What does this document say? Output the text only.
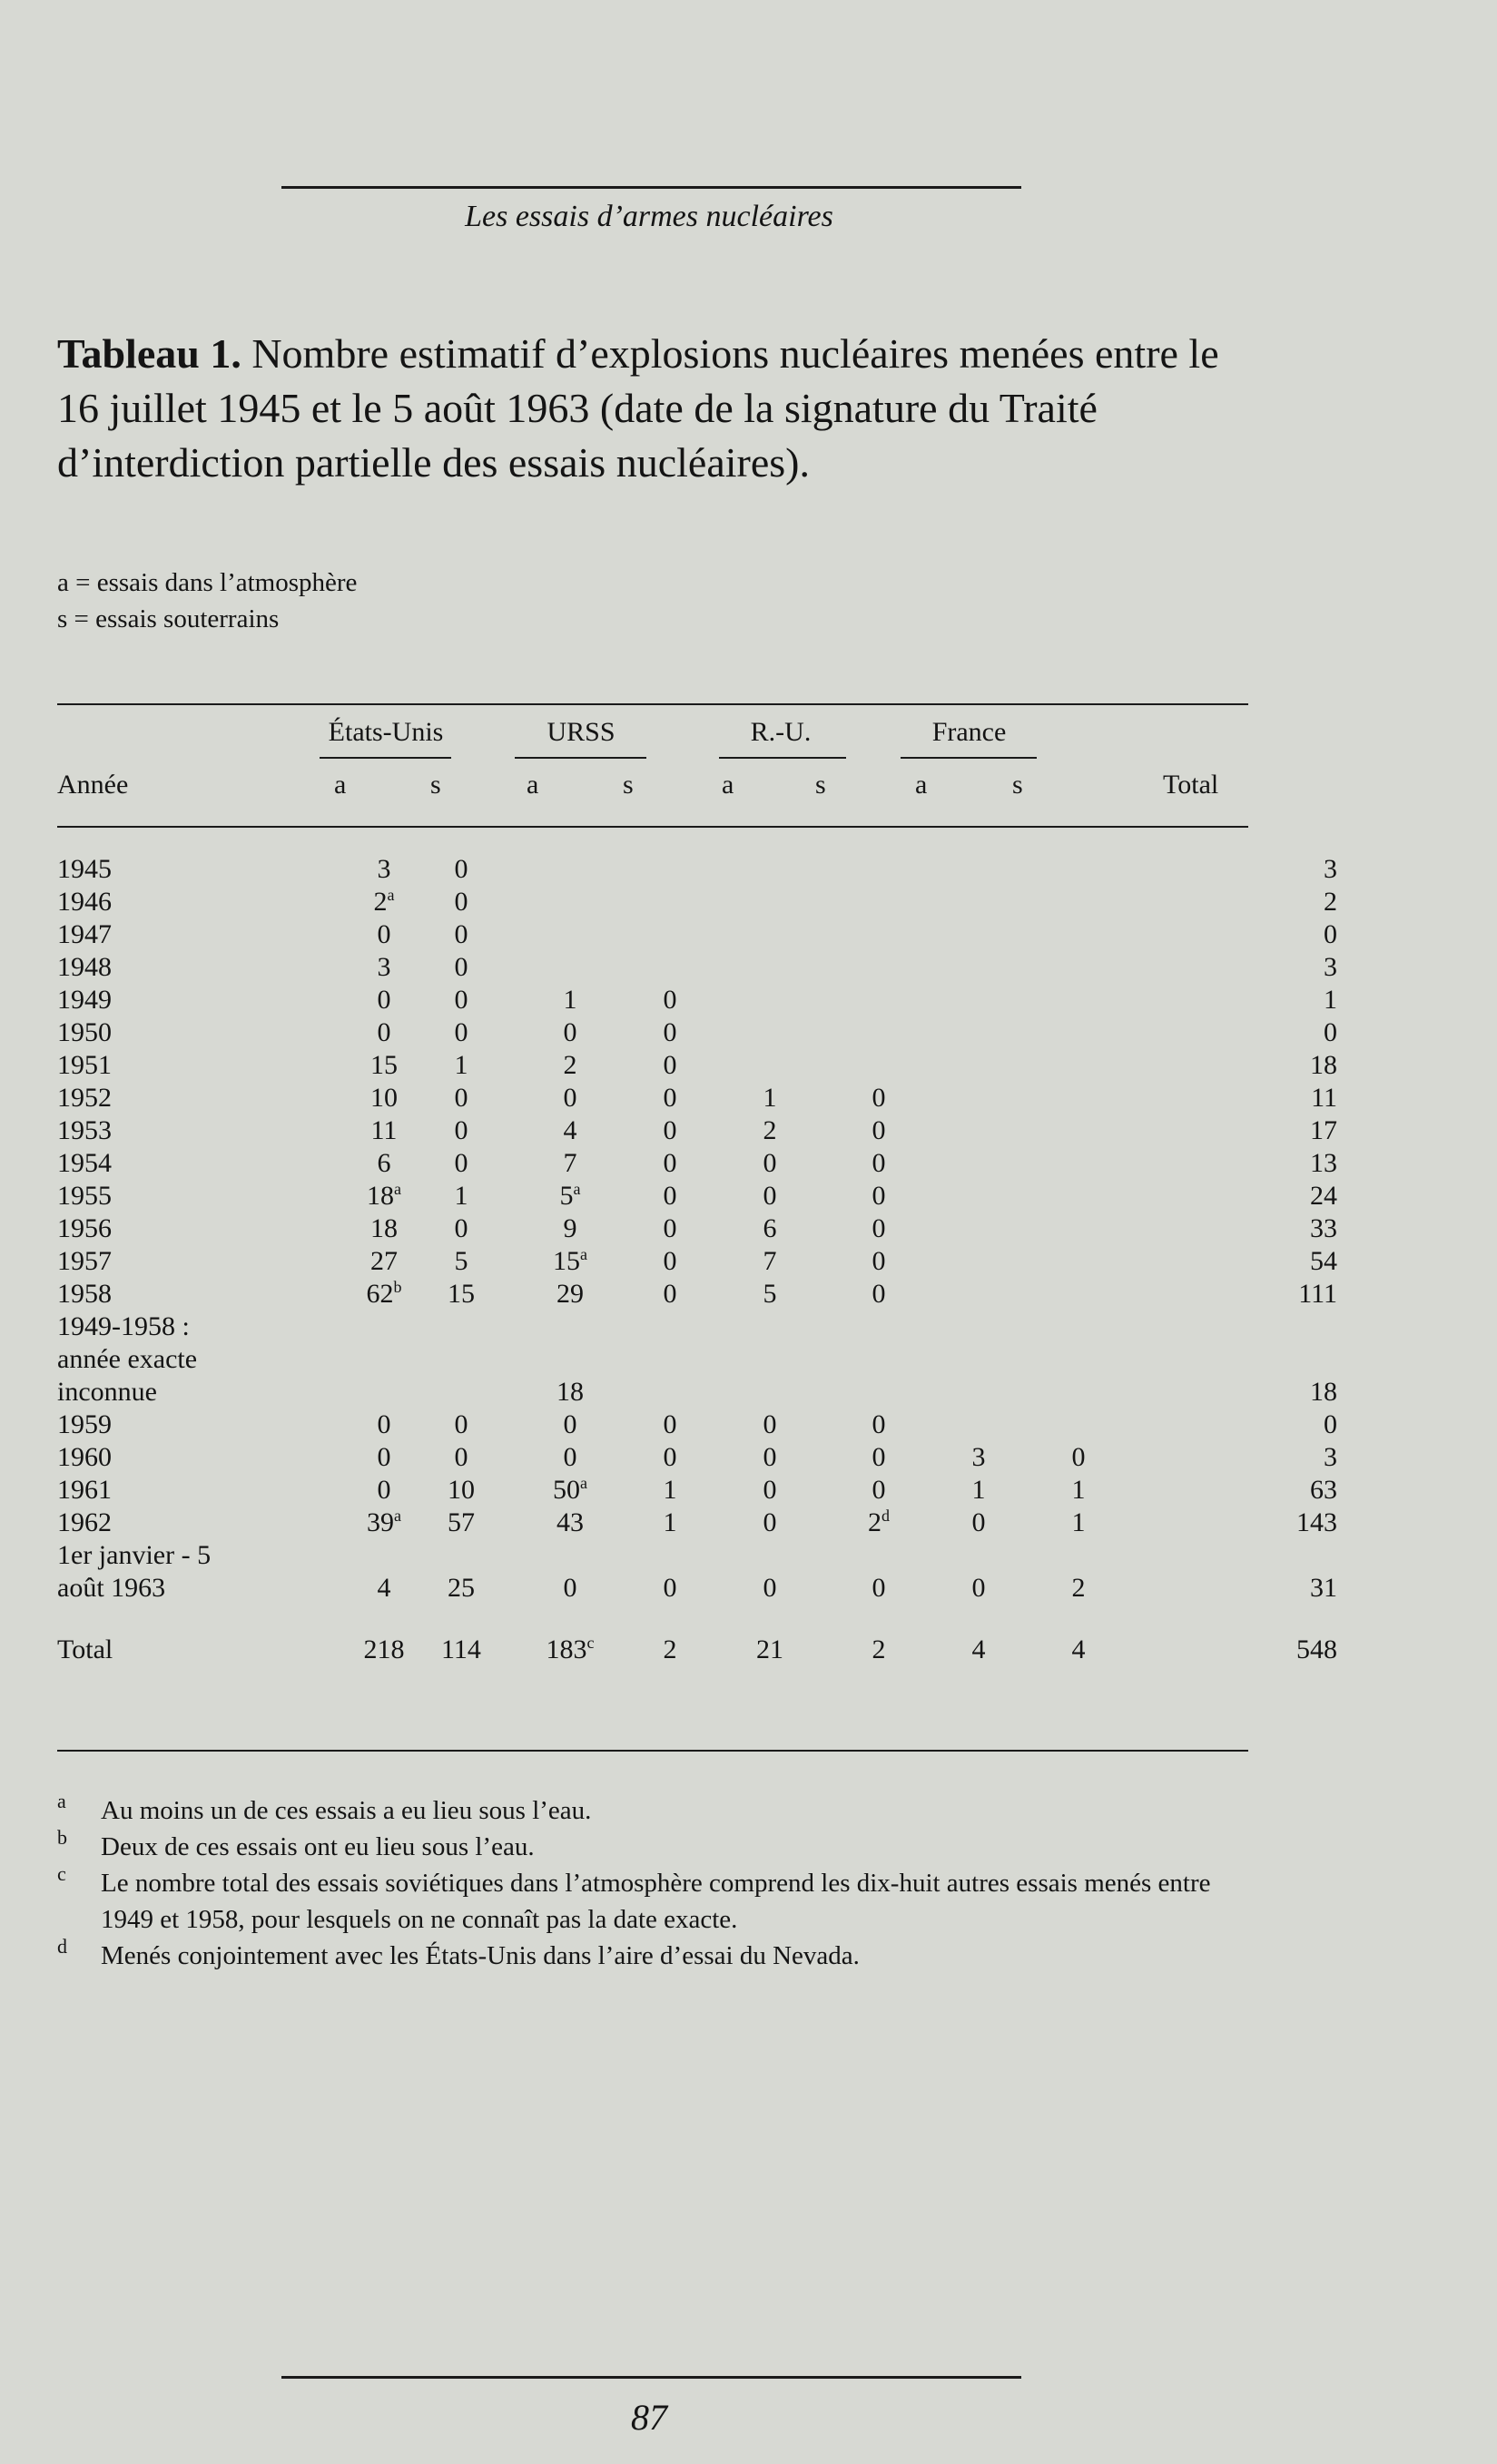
Les essais d’armes nucléaires
Tableau 1. Nombre estimatif d’explosions nucléaires menées entre le 16 juillet 1945 et le 5 août 1963 (date de la signature du Traité d’interdiction partielle des essais nucléaires).
a = essais dans l’atmosphère
s = essais souterrains
États-Unis	URSS	R.-U.	France
Année	a	s	a	s	a	s	a	s	Total
1945	3	0							3
1946	2$^a$	0							2
1947	0	0							0
1948	3	0							3
1949	0	0	1	0					1
1950	0	0	0	0					0
1951	15	1	2	0					18
1952	10	0	0	0	1	0			11
1953	11	0	4	0	2	0			17
1954	6	0	7	0	0	0			13
1955	18$^a$	1	5$^a$	0	0	0			24
1956	18	0	9	0	6	0			33
1957	27	5	15$^a$	0	7	0			54
1958	62$^b$	15	29	0	5	0			111
1949-1958 :									
année exacte									
inconnue			18						18
1959	0	0	0	0	0	0			0
1960	0	0	0	0	0	0	3	0	3
1961	0	10	50$^a$	1	0	0	1	1	63
1962	39$^a$	57	43	1	0	2$^d$	0	1	143
1er janvier - 5									
août 1963	4	25	0	0	0	0	0	2	31
Total	218	114	183$^c$	2	21	2	4	4	548
a Au moins un de ces essais a eu lieu sous l’eau.
b Deux de ces essais ont eu lieu sous l’eau.
c Le nombre total des essais soviétiques dans l’atmosphère comprend les dix-huit autres essais menés entre 1949 et 1958, pour lesquels on ne connaît pas la date exacte.
d Menés conjointement avec les États-Unis dans l’aire d’essai du Nevada.
87
